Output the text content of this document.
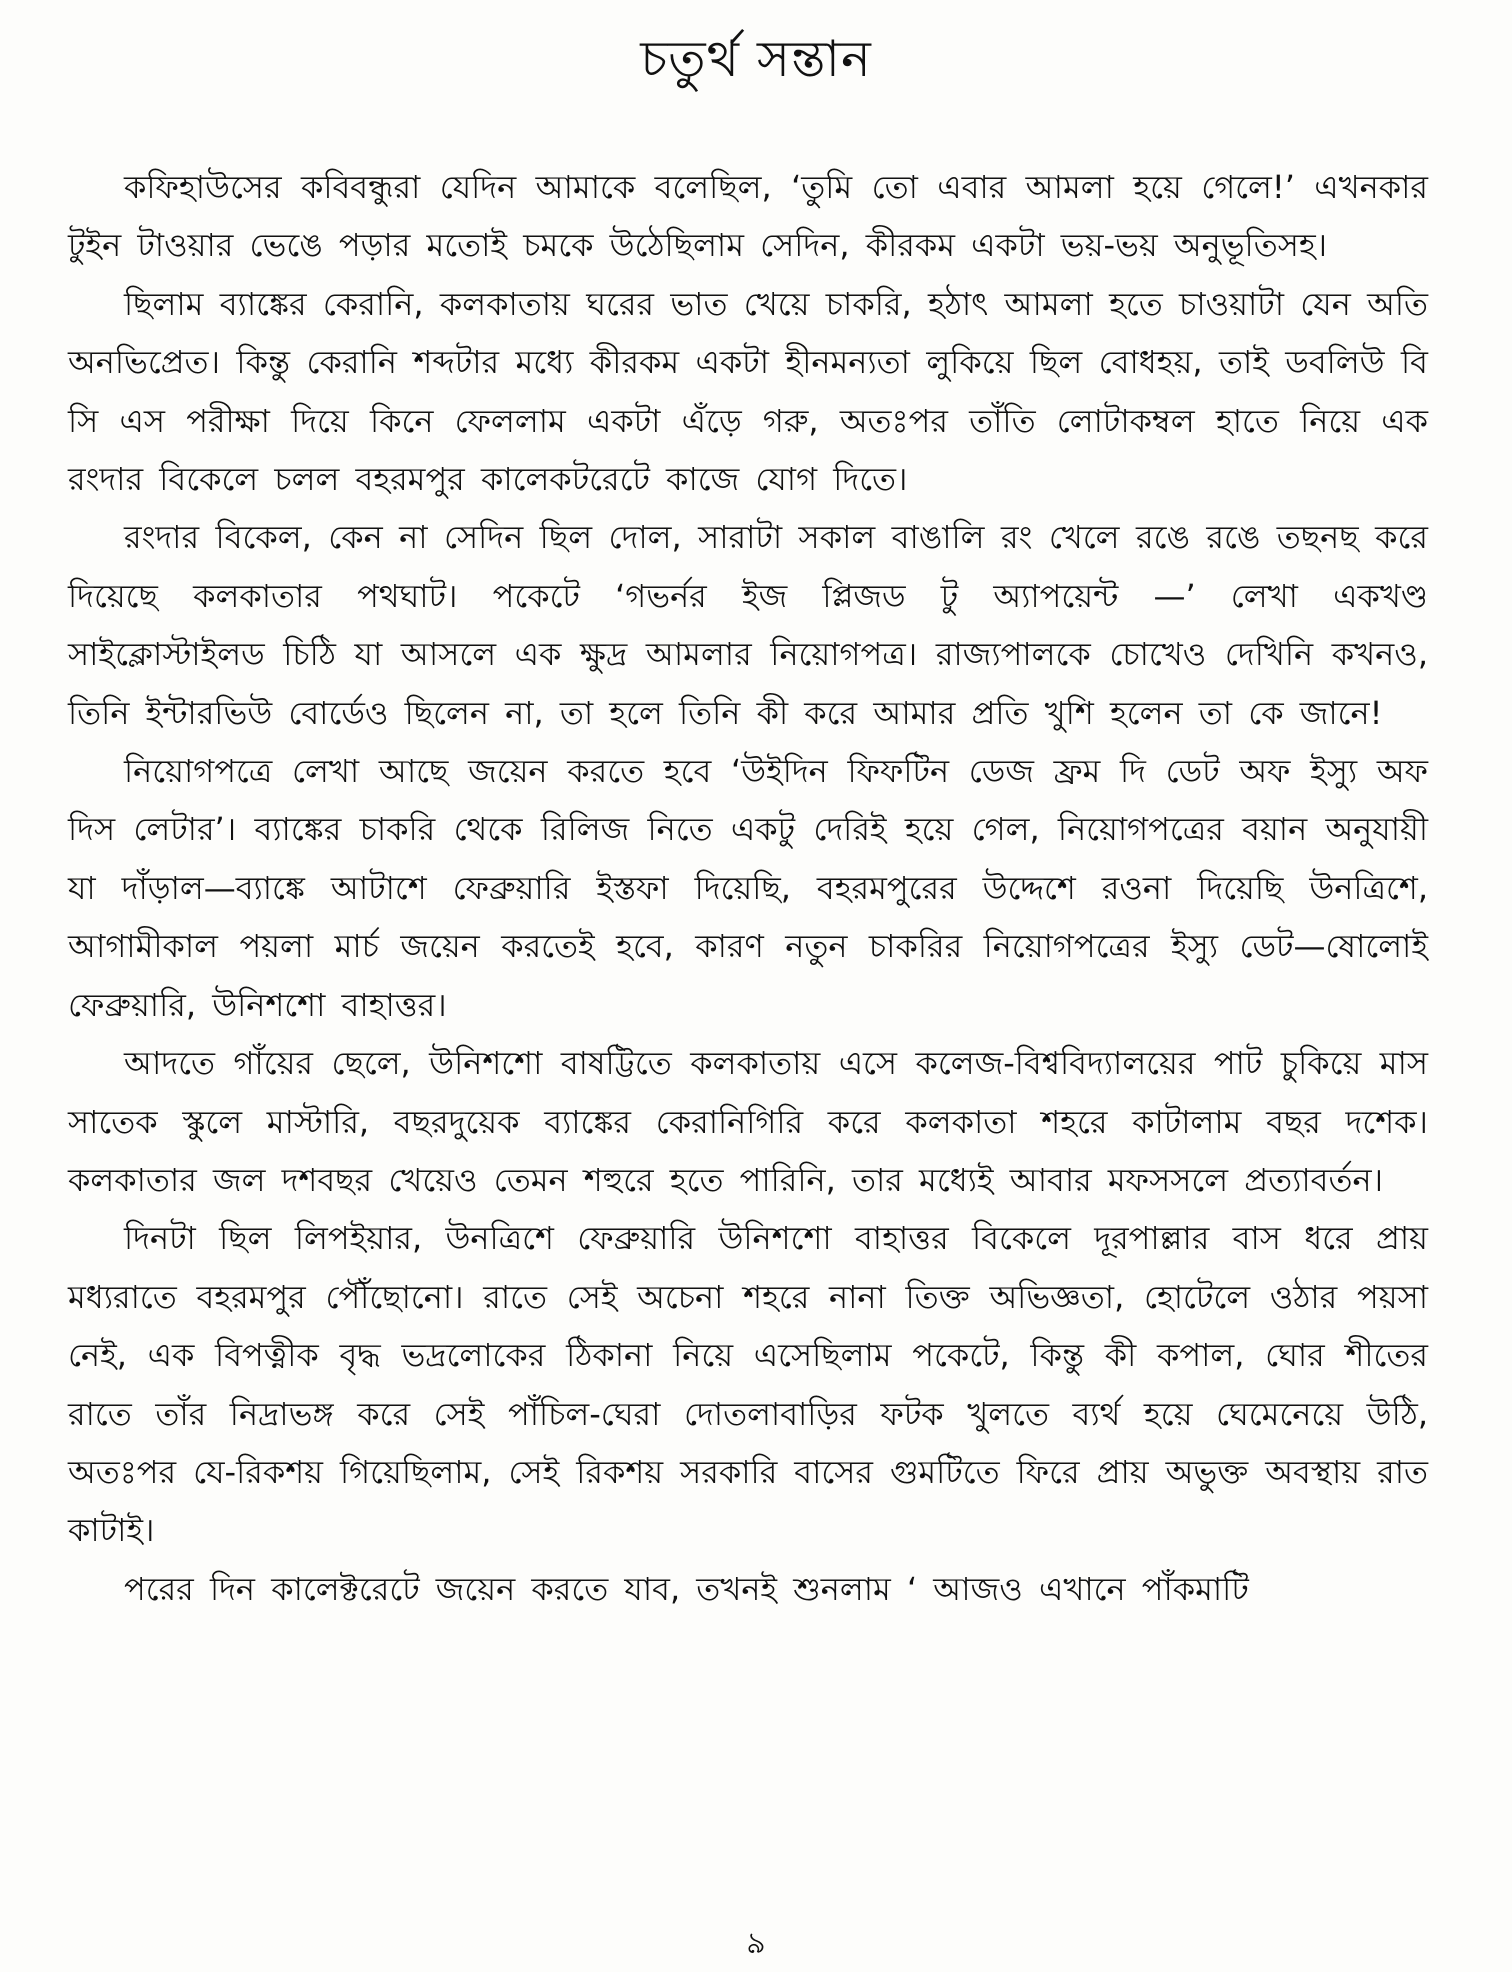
চতুর্থ সন্তান

কফিহাউসের কবিবন্ধুরা যেদিন আমাকে বলেছিল, ‘তুমি তো এবার আমলা হয়ে গেলে!’ এখনকার টুইন টাওয়ার ভেঙে পড়ার মতোই চমকে উঠেছিলাম সেদিন, কীরকম একটা ভয়-ভয় অনুভূতিসহ।

ছিলাম ব্যাঙ্কের কেরানি, কলকাতায় ঘরের ভাত খেয়ে চাকরি, হঠাৎ আমলা হতে চাওয়াটা যেন অতি অনভিপ্রেত। কিন্তু কেরানি শব্দটার মধ্যে কীরকম একটা হীনমন্যতা লুকিয়ে ছিল বোধহয়, তাই ডবলিউ বি সি এস পরীক্ষা দিয়ে কিনে ফেললাম একটা এঁড়ে গরু, অতঃপর তাঁতি লোটাকম্বল হাতে নিয়ে এক রংদার বিকেলে চলল বহরমপুর কালেকটরেটে কাজে যোগ দিতে।

রংদার বিকেল, কেন না সেদিন ছিল দোল, সারাটা সকাল বাঙালি রং খেলে রঙে রঙে তছনছ করে দিয়েছে কলকাতার পথঘাট। পকেটে ‘গভর্নর ইজ প্লিজড টু অ্যাপয়েন্ট —’ লেখা একখণ্ড সাইক্লোস্টাইলড চিঠি যা আসলে এক ক্ষুদ্র আমলার নিয়োগপত্র। রাজ্যপালকে চোখেও দেখিনি কখনও, তিনি ইন্টারভিউ বোর্ডেও ছিলেন না, তা হলে তিনি কী করে আমার প্রতি খুশি হলেন তা কে জানে!

নিয়োগপত্রে লেখা আছে জয়েন করতে হবে ‘উইদিন ফিফটিন ডেজ ফ্রম দি ডেট অফ ইস্যু অফ দিস লেটার’। ব্যাঙ্কের চাকরি থেকে রিলিজ নিতে একটু দেরিই হয়ে গেল, নিয়োগপত্রের বয়ান অনুযায়ী যা দাঁড়াল—ব্যাঙ্কে আটাশে ফেব্রুয়ারি ইস্তফা দিয়েছি, বহরমপুরের উদ্দেশে রওনা দিয়েছি উনত্রিশে, আগামীকাল পয়লা মার্চ জয়েন করতেই হবে, কারণ নতুন চাকরির নিয়োগপত্রের ইস্যু ডেট—ষোলোই ফেব্রুয়ারি, উনিশশো বাহাত্তর।

আদতে গাঁয়ের ছেলে, উনিশশো বাষট্টিতে কলকাতায় এসে কলেজ-বিশ্ববিদ্যালয়ের পাট চুকিয়ে মাস সাতেক স্কুলে মাস্টারি, বছরদুয়েক ব্যাঙ্কের কেরানিগিরি করে কলকাতা শহরে কাটালাম বছর দশেক। কলকাতার জল দশবছর খেয়েও তেমন শহুরে হতে পারিনি, তার মধ্যেই আবার মফসসলে প্রত্যাবর্তন।

দিনটা ছিল লিপইয়ার, উনত্রিশে ফেব্রুয়ারি উনিশশো বাহাত্তর বিকেলে দূরপাল্লার বাস ধরে প্রায় মধ্যরাতে বহরমপুর পৌঁছোনো। রাতে সেই অচেনা শহরে নানা তিক্ত অভিজ্ঞতা, হোটেলে ওঠার পয়সা নেই, এক বিপত্নীক বৃদ্ধ ভদ্রলোকের ঠিকানা নিয়ে এসেছিলাম পকেটে, কিন্তু কী কপাল, ঘোর শীতের রাতে তাঁর নিদ্রাভঙ্গ করে সেই পাঁচিল-ঘেরা দোতলাবাড়ির ফটক খুলতে ব্যর্থ হয়ে ঘেমেনেয়ে উঠি, অতঃপর যে-রিকশয় গিয়েছিলাম, সেই রিকশয় সরকারি বাসের গুমটিতে ফিরে প্রায় অভুক্ত অবস্থায় রাত কাটাই।

পরের দিন কালেক্টরেটে জয়েন করতে যাব, তখনই শুনলাম ‘ আজও এখানে পাঁকমাটি

৯
